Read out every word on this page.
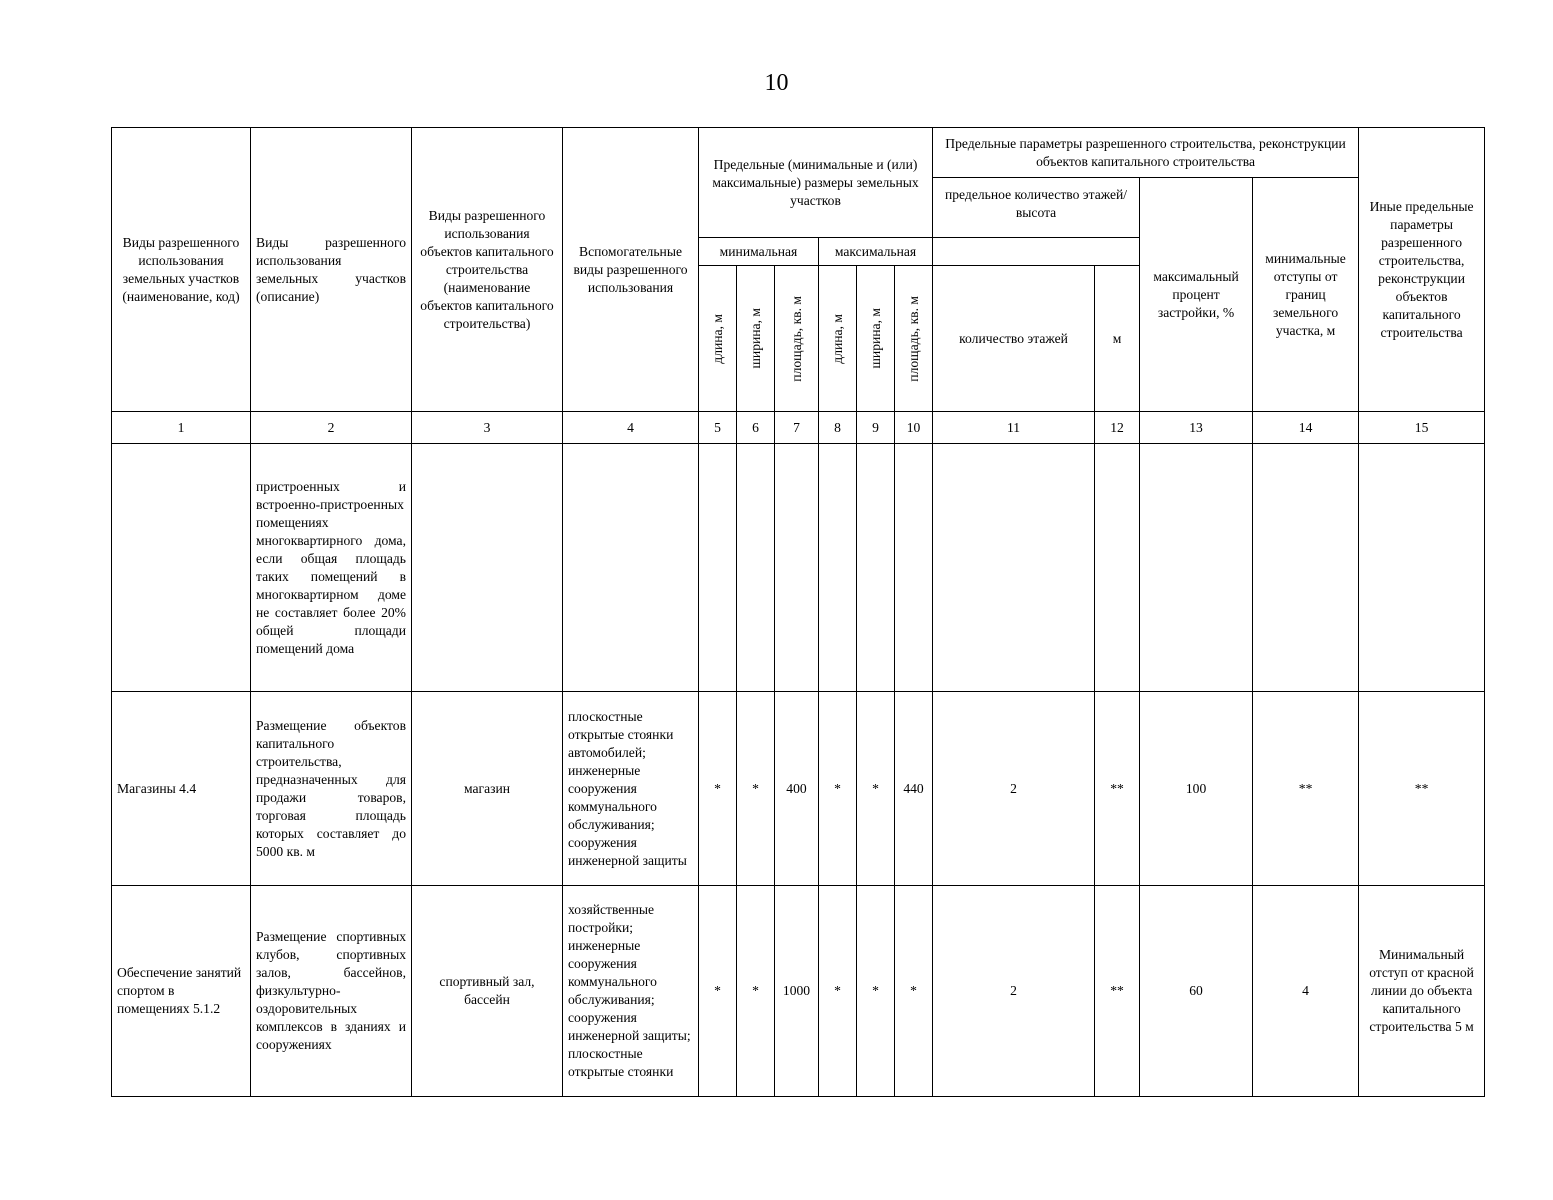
10
Виды разрешенного использования земельных участков (наименование, код)	Виды разрешенного использования земельных участков (описание)	Виды разрешенного использования объектов капитального строительства (наименование объектов капитального строительства)	Вспомогательные виды разрешенного использования	Предельные (минимальные и (или) максимальные) размеры земельных участков						Предельные параметры разрешенного строительства, реконструкции объектов капитального строительства				Иные предельные параметры разрешенного строительства, реконструкции объектов капитального строительства
										предельное количество этажей/высота		максимальный процент застройки, %	минимальные отступы от границ земельного участка, м	
				минимальная			максимальная							

				длина, м	ширина, м	площадь, кв. м	длина, м	ширина, м	площадь, кв. м	количество этажей	м			
1	2	3	4	5	6	7	8	9	10	11	12	13	14	15
	пристроенных и встроенно-пристроенных помещениях многоквартирного дома, если общая площадь таких помещений в многоквартирном доме не составляет более 20% общей площади помещений дома													
Магазины 4.4	Размещение объектов капитального строительства, предназначенных для продажи товаров, торговая площадь которых составляет до 5000 кв. м	магазин	плоскостные открытые стоянки автомобилей; инженерные сооружения коммунального обслуживания; сооружения инженерной защиты	*	*	400	*	*	440	2	**	100	**	**
Обеспечение занятий спортом в помещениях 5.1.2	Размещение спортивных клубов, спортивных залов, бассейнов, физкультурно-оздоровительных комплексов в зданиях и сооружениях	спортивный зал, бассейн	хозяйственные постройки; инженерные сооружения коммунального обслуживания; сооружения инженерной защиты; плоскостные открытые стоянки	*	*	1000	*	*	*	2	**	60	4	Минимальный отступ от красной линии до объекта капитального строительства 5 м
